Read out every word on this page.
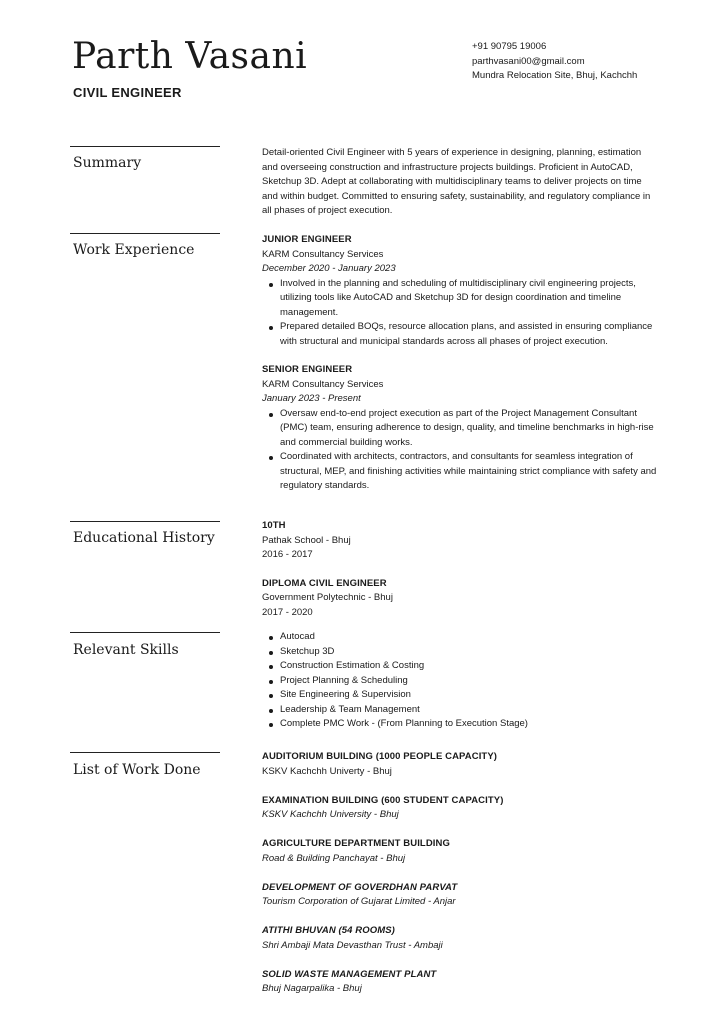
Parth Vasani
CIVIL ENGINEER
+91 90795 19006
parthvasani00@gmail.com
Mundra Relocation Site, Bhuj, Kachchh
Summary

Detail-oriented Civil Engineer with 5 years of experience in designing, planning, estimation and overseeing construction and infrastructure projects buildings. Proficient in AutoCAD, Sketchup 3D. Adept at collaborating with multidisciplinary teams to deliver projects on time and within budget. Committed to ensuring safety, sustainability, and regulatory compliance in all phases of project execution.

Work Experience

JUNIOR ENGINEER

KARM Consultancy Services

December 2020 - January 2023

Involved in the planning and scheduling of multidisciplinary civil engineering projects, utilizing tools like AutoCAD and Sketchup 3D for design coordination and timeline management.
Prepared detailed BOQs, resource allocation plans, and assisted in ensuring compliance with structural and municipal standards across all phases of project execution.

SENIOR ENGINEER

KARM Consultancy Services

January 2023 - Present

Oversaw end-to-end project execution as part of the Project Management Consultant (PMC) team, ensuring adherence to design, quality, and timeline benchmarks in high-rise and commercial building works.
Coordinated with architects, contractors, and consultants for seamless integration of structural, MEP, and finishing activities while maintaining strict compliance with safety and regulatory standards.
Educational History

10TH

Pathak School - Bhuj

2016 - 2017

DIPLOMA CIVIL ENGINEER

Government Polytechnic - Bhuj

2017 - 2020

Relevant Skills
Autocad
Sketchup 3D
Construction Estimation & Costing
Project Planning & Scheduling
Site Engineering & Supervision
Leadership & Team Management
Complete PMC Work - (From Planning to Execution Stage)
List of Work Done

AUDITORIUM BUILDING (1000 PEOPLE CAPACITY)

KSKV Kachchh Univerty - Bhuj

EXAMINATION BUILDING (600 STUDENT CAPACITY)

KSKV Kachchh University - Bhuj

AGRICULTURE DEPARTMENT BUILDING

Road & Building Panchayat - Bhuj

DEVELOPMENT OF GOVERDHAN PARVAT

Tourism Corporation of Gujarat Limited - Anjar

ATITHI BHUVAN (54 ROOMS)

Shri Ambaji Mata Devasthan Trust - Ambaji

SOLID WASTE MANAGEMENT PLANT

Bhuj Nagarpalika - Bhuj
